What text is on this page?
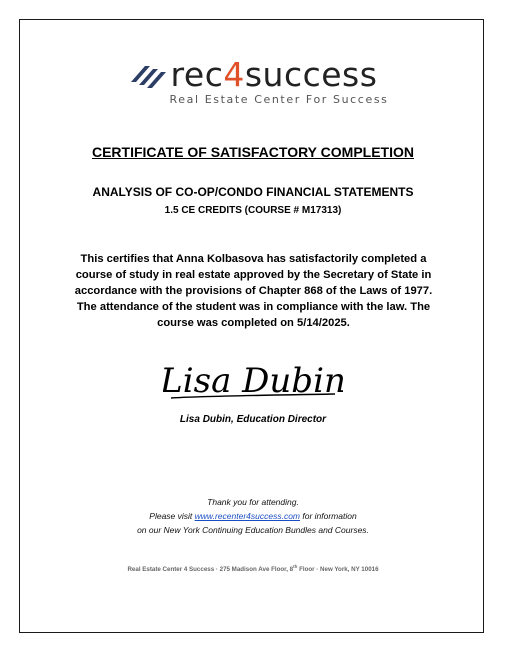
rec4success
Real Estate Center For Success
CERTIFICATE OF SATISFACTORY COMPLETION
ANALYSIS OF CO-OP/CONDO FINANCIAL STATEMENTS
1.5 CE CREDITS (COURSE # M17313)
This certifies that Anna Kolbasova has satisfactorily completed a course of study in real estate approved by the Secretary of State in accordance with the provisions of Chapter 868 of the Laws of 1977. The attendance of the student was in compliance with the law. The course was completed on 5/14/2025.
Lisa Dubin
Lisa Dubin, Education Director
Thank you for attending.
Please visit www.recenter4success.com for information
on our New York Continuing Education Bundles and Courses.
Real Estate Center 4 Success · 275 Madison Ave Floor, 8th Floor · New York, NY 10016
